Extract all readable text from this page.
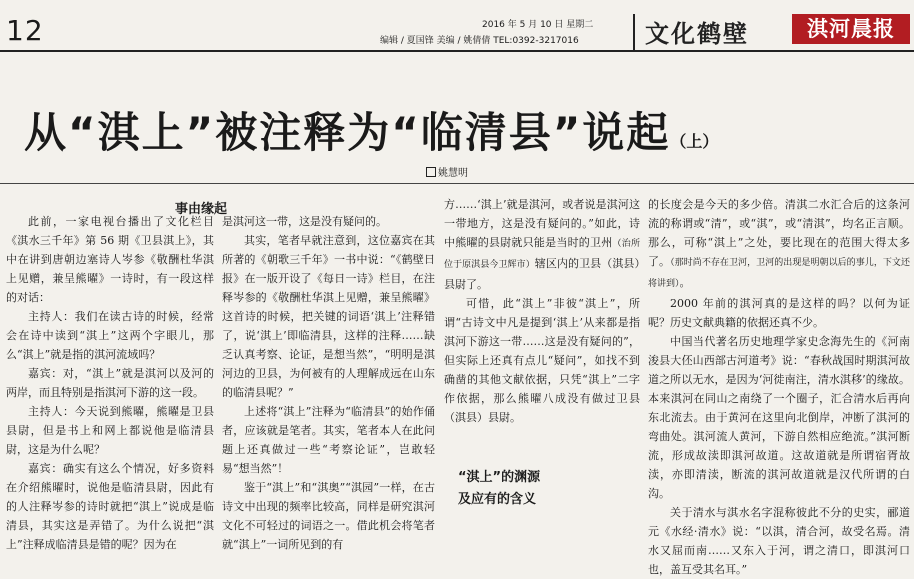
12	2016 年 5 月 10 日 星期二
编辑 / 夏国锋 美编 / 姚倩倩 TEL:0392-3217016	文化鹤壁	淇河晨报
从“淇上”被注释为“临清县”说起（上）
姚慧明
事由缘起

此前，一家电视台播出了文化栏目《淇水三千年》第 56 期《卫县淇上》，其中在讲到唐朝边塞诗人岑参《敬酬杜华淇上见赠，兼呈熊曜》一诗时，有一段这样的对话：

主持人：我们在读古诗的时候，经常会在诗中读到“淇上”这两个字眼儿，那么“淇上”就是指的淇河流域吗？

嘉宾：对，“淇上”就是淇河以及河的两岸，而且特别是指淇河下游的这一段。

主持人：今天说到熊曜，熊曜是卫县县尉，但是书上和网上都说他是临清县尉，这是为什么呢？

嘉宾：确实有这么个情况，好多资料在介绍熊曜时，说他是临清县尉，因此有的人注释岑参的诗时就把“淇上”说成是临清县，其实这是弄错了。为什么说把“淇上”注释成临清县是错的呢？因为在

是淇河这一带，这是没有疑问的。

其实，笔者早就注意到，这位嘉宾在其所著的《朝歌三千年》一书中说：“《鹤壁日报》在一版开设了《每日一诗》栏目，在注释岑参的《敬酬杜华淇上见赠，兼呈熊曜》这首诗的时候，把关键的词语‘淇上’注释错了，说‘淇上’即临清县，这样的注释……缺乏认真考察、论证，是想当然”，“明明是淇河边的卫县，为何被有的人理解成远在山东的临清县呢？”

上述将“淇上”注释为“临清县”的始作俑者，应该就是笔者。其实，笔者本人在此问题上还真做过一些“考察论证”，岂敢轻易“想当然”！

鉴于“淇上”和“淇奥”“淇园”一样，在古诗文中出现的频率比较高，同样是研究淇河文化不可轻过的词语之一。借此机会将笔者就“淇上”一词所见到的有

方……‘淇上’就是淇河，或者说是淇河这一带地方，这是没有疑问的。”如此，诗中熊曜的县尉就只能是当时的卫州（治所位于原淇县今卫辉市）辖区内的卫县（淇县）县尉了。

可惜，此“淇上”非彼“淇上”，所谓“古诗文中凡是提到‘淇上’从来都是指淇河下游这一带……这是没有疑问的”，但实际上还真有点儿“疑问”，如找不到确凿的其他文献依据，只凭“淇上”二字作依据，那么熊曜八成没有做过卫县（淇县）县尉。

“淇上”的渊源
及应有的含义

的长度会是今天的多少倍。清淇二水汇合后的这条河流的称谓或“清”，或“淇”，或“清淇”，均名正言顺。那么，可称“淇上”之处，要比现在的范围大得太多了。（那时尚不存在卫河，卫河的出现是明朝以后的事儿，下文还将讲到）。

2000 年前的淇河真的是这样的吗？以何为证呢？历史文献典籍的依据还真不少。

中国当代著名历史地理学家史念海先生的《河南浚县大伾山西部古河道考》说：“春秋战国时期淇河故道之所以无水，是因为‘河徙南注，清水淇移’的缘故。本来淇河在同山之南绕了一个圈子，汇合清水后再向东北流去。由于黄河在这里向北倒岸，冲断了淇河的弯曲处。淇河流人黄河，下游自然相应绝流。”淇河断流，形成故渎即淇河故道。这故道就是所谓宿胥故渎，亦即清渎，断流的淇河故道就是汉代所谓的白沟。

关于清水与淇水名字混称彼此不分的史实，郦道元《水经·清水》说：“以淇，清合河，故受名焉。清水又屈而南……又东入于河，谓之清口，即淇河口也，盖互受其名耳。”
